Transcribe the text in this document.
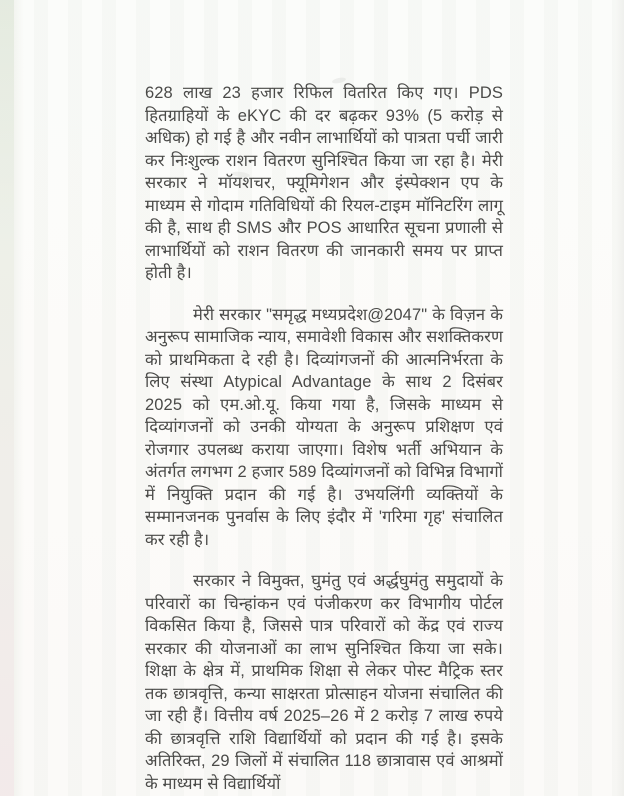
628 लाख 23 हजार रिफिल वितरित किए गए। PDS हितग्राहियों के eKYC की दर बढ़कर 93% (5 करोड़ से अधिक) हो गई है और नवीन लाभार्थियों को पात्रता पर्ची जारी कर निःशुल्क राशन वितरण सुनिश्चित किया जा रहा है। मेरी सरकार ने मॉयशचर, फ्यूमिगेशन और इंस्पेक्शन एप के माध्यम से गोदाम गतिविधियों की रियल-टाइम मॉनिटरिंग लागू की है, साथ ही SMS और POS आधारित सूचना प्रणाली से लाभार्थियों को राशन वितरण की जानकारी समय पर प्राप्त होती है।

मेरी सरकार "समृद्ध मध्यप्रदेश@2047" के विज़न के अनुरूप सामाजिक न्याय, समावेशी विकास और सशक्तिकरण को प्राथमिकता दे रही है। दिव्यांगजनों की आत्मनिर्भरता के लिए संस्था Atypical Advantage के साथ 2 दिसंबर 2025 को एम.ओ.यू. किया गया है, जिसके माध्यम से दिव्यांगजनों को उनकी योग्यता के अनुरूप प्रशिक्षण एवं रोजगार उपलब्ध कराया जाएगा। विशेष भर्ती अभियान के अंतर्गत लगभग 2 हजार 589 दिव्यांगजनों को विभिन्न विभागों में नियुक्ति प्रदान की गई है। उभयलिंगी व्यक्तियों के सम्मानजनक पुनर्वास के लिए इंदौर में 'गरिमा गृह' संचालित कर रही है।

सरकार ने विमुक्त, घुमंतु एवं अर्द्धघुमंतु समुदायों के परिवारों का चिन्हांकन एवं पंजीकरण कर विभागीय पोर्टल विकसित किया है, जिससे पात्र परिवारों को केंद्र एवं राज्य सरकार की योजनाओं का लाभ सुनिश्चित किया जा सके। शिक्षा के क्षेत्र में, प्राथमिक शिक्षा से लेकर पोस्ट मैट्रिक स्तर तक छात्रवृत्ति, कन्या साक्षरता प्रोत्साहन योजना संचालित की जा रही हैं। वित्तीय वर्ष 2025–26 में 2 करोड़ 7 लाख रुपये की छात्रवृत्ति राशि विद्यार्थियों को प्रदान की गई है। इसके अतिरिक्त, 29 जिलों में संचालित 118 छात्रावास एवं आश्रमों के माध्यम से विद्यार्थियों
